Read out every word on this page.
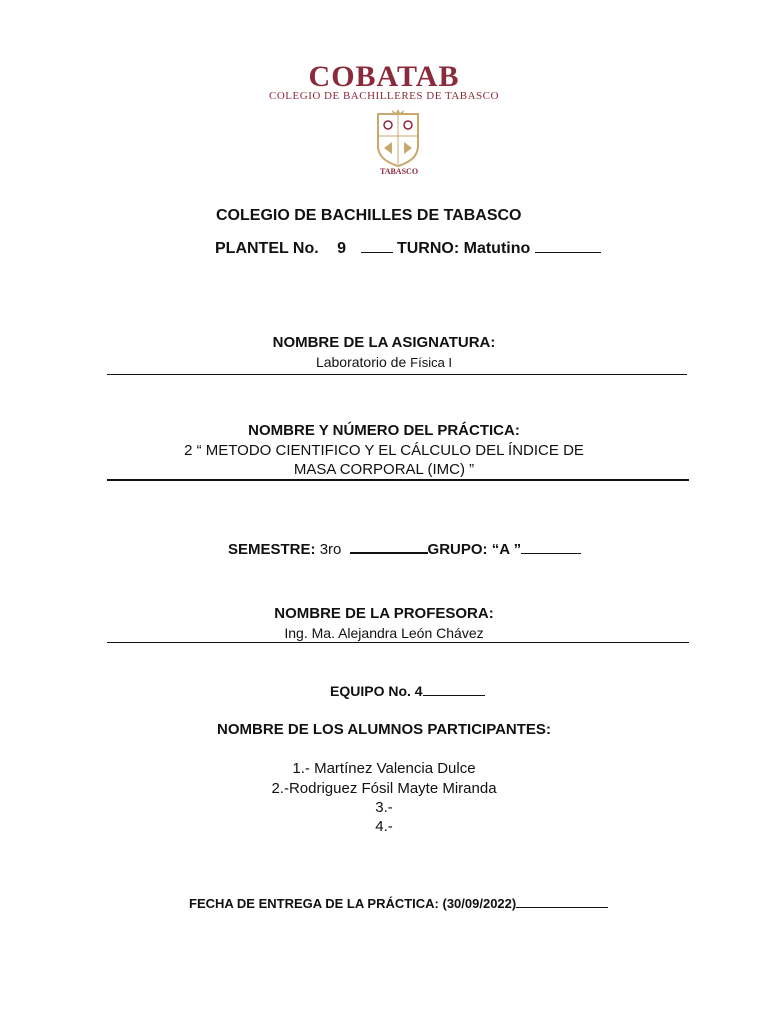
COBATAB
COLEGIO DE BACHILLERES DE TABASCO
TABASCO
COLEGIO DE BACHILLES DE TABASCO
PLANTEL No. 9	TURNO: Matutino
NOMBRE DE LA ASIGNATURA:
Laboratorio de Física I
NOMBRE Y NÚMERO DEL PRÁCTICA:
2 “ METODO CIENTIFICO Y EL CÁLCULO DEL ÍNDICE DE
MASA CORPORAL (IMC) ”
SEMESTRE: 3ro	GRUPO: “A ”
NOMBRE DE LA PROFESORA:
Ing. Ma. Alejandra León Chávez
EQUIPO No. 4
NOMBRE DE LOS ALUMNOS PARTICIPANTES:
1.- Martínez Valencia Dulce
2.-Rodriguez Fósil Mayte Miranda
3.-
4.-
FECHA DE ENTREGA DE LA PRÁCTICA: (30/09/2022)
